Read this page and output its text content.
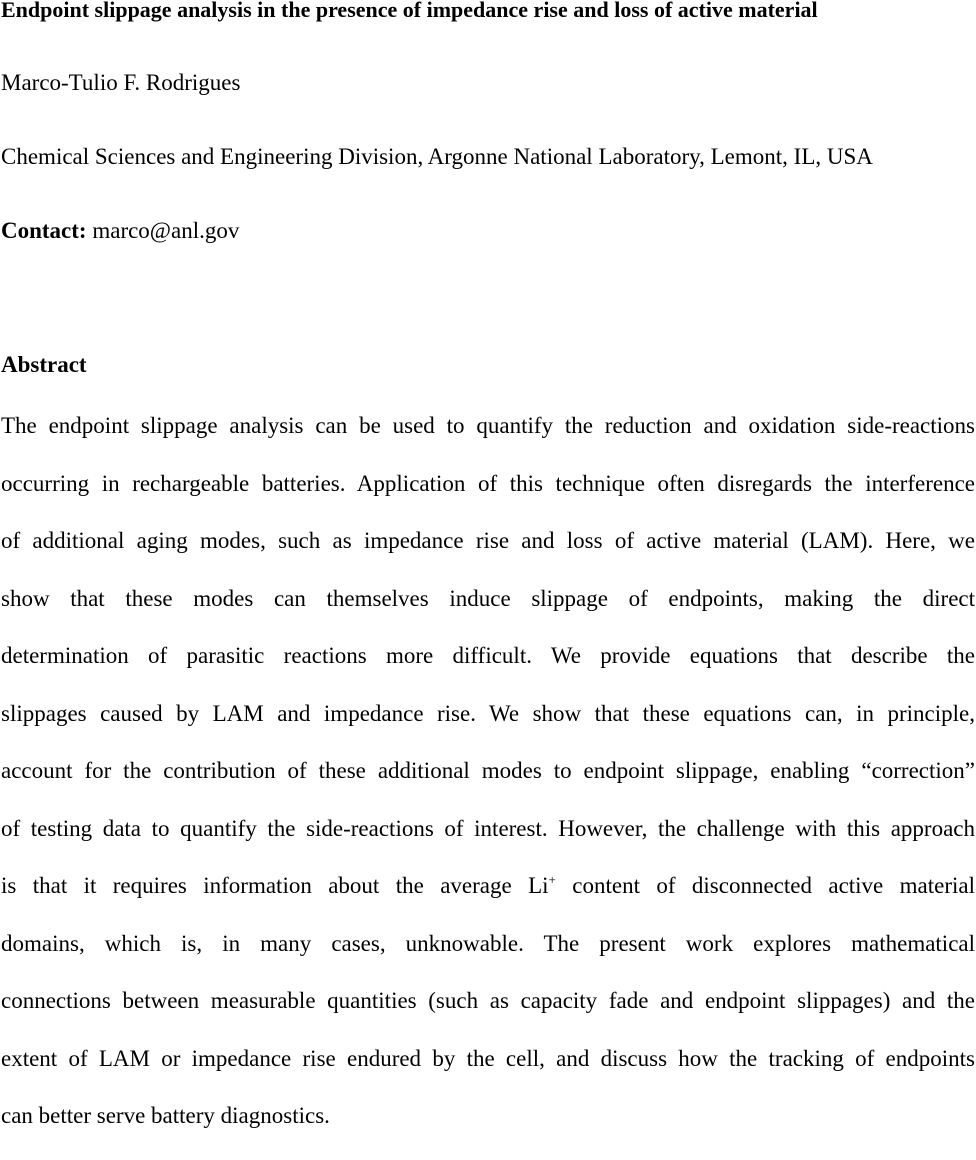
Endpoint slippage analysis in the presence of impedance rise and loss of active material
Marco-Tulio F. Rodrigues
Chemical Sciences and Engineering Division, Argonne National Laboratory, Lemont, IL, USA
Contact: marco@anl.gov
Abstract
The endpoint slippage analysis can be used to quantify the reduction and oxidation side-reactions
occurring in rechargeable batteries. Application of this technique often disregards the interference
of additional aging modes, such as impedance rise and loss of active material (LAM). Here, we
show that these modes can themselves induce slippage of endpoints, making the direct
determination of parasitic reactions more difficult. We provide equations that describe the
slippages caused by LAM and impedance rise. We show that these equations can, in principle,
account for the contribution of these additional modes to endpoint slippage, enabling “correction”
of testing data to quantify the side-reactions of interest. However, the challenge with this approach
is that it requires information about the average Li+ content of disconnected active material
domains, which is, in many cases, unknowable. The present work explores mathematical
connections between measurable quantities (such as capacity fade and endpoint slippages) and the
extent of LAM or impedance rise endured by the cell, and discuss how the tracking of endpoints
can better serve battery diagnostics.
